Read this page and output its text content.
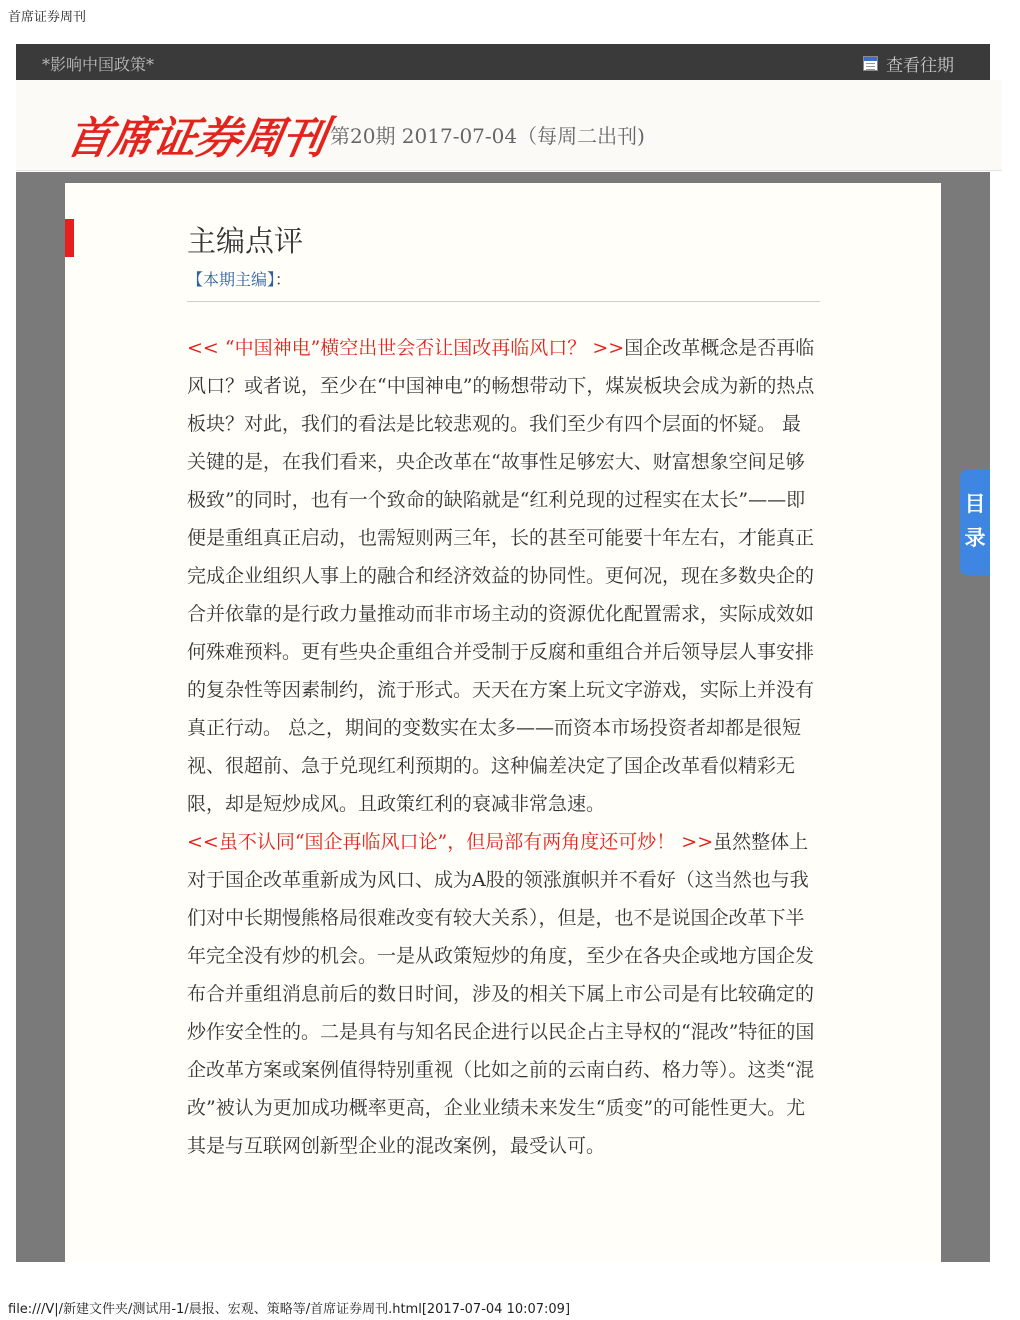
首席证券周刊
*影响中国政策*	查看往期
首席证券周刊 第20期 2017-07-04（每周二出刊)
主编点评
【本期主编】：

<< “中国神电”横空出世会否让国改再临风口？ >>国企改革概念是否再临风口？或者说，至少在“中国神电”的畅想带动下，煤炭板块会成为新的热点板块？对此，我们的看法是比较悲观的。我们至少有四个层面的怀疑。 最关键的是，在我们看来，央企改革在“故事性足够宏大、财富想象空间足够极致”的同时，也有一个致命的缺陷就是“红利兑现的过程实在太长”——即便是重组真正启动，也需短则两三年，长的甚至可能要十年左右，才能真正完成企业组织人事上的融合和经济效益的协同性。更何况，现在多数央企的合并依靠的是行政力量推动而非市场主动的资源优化配置需求，实际成效如何殊难预料。更有些央企重组合并受制于反腐和重组合并后领导层人事安排的复杂性等因素制约，流于形式。天天在方案上玩文字游戏，实际上并没有真正行动。 总之，期间的变数实在太多——而资本市场投资者却都是很短视、很超前、急于兑现红利预期的。这种偏差决定了国企改革看似精彩无限，却是短炒成风。且政策红利的衰减非常急速。

<<虽不认同“国企再临风口论”，但局部有两角度还可炒！ >>虽然整体上对于国企改革重新成为风口、成为A股的领涨旗帜并不看好（这当然也与我们对中长期慢熊格局很难改变有较大关系），但是，也不是说国企改革下半年完全没有炒的机会。一是从政策短炒的角度，至少在各央企或地方国企发布合并重组消息前后的数日时间，涉及的相关下属上市公司是有比较确定的炒作安全性的。二是具有与知名民企进行以民企占主导权的“混改”特征的国企改革方案或案例值得特别重视（比如之前的云南白药、格力等）。这类“混改”被认为更加成功概率更高，企业业绩未来发生“质变”的可能性更大。尤其是与互联网创新型企业的混改案例，最受认可。

目
录
file:///V|/新建文件夹/测试用-1/晨报、宏观、策略等/首席证券周刊.html[2017-07-04 10:07:09]
